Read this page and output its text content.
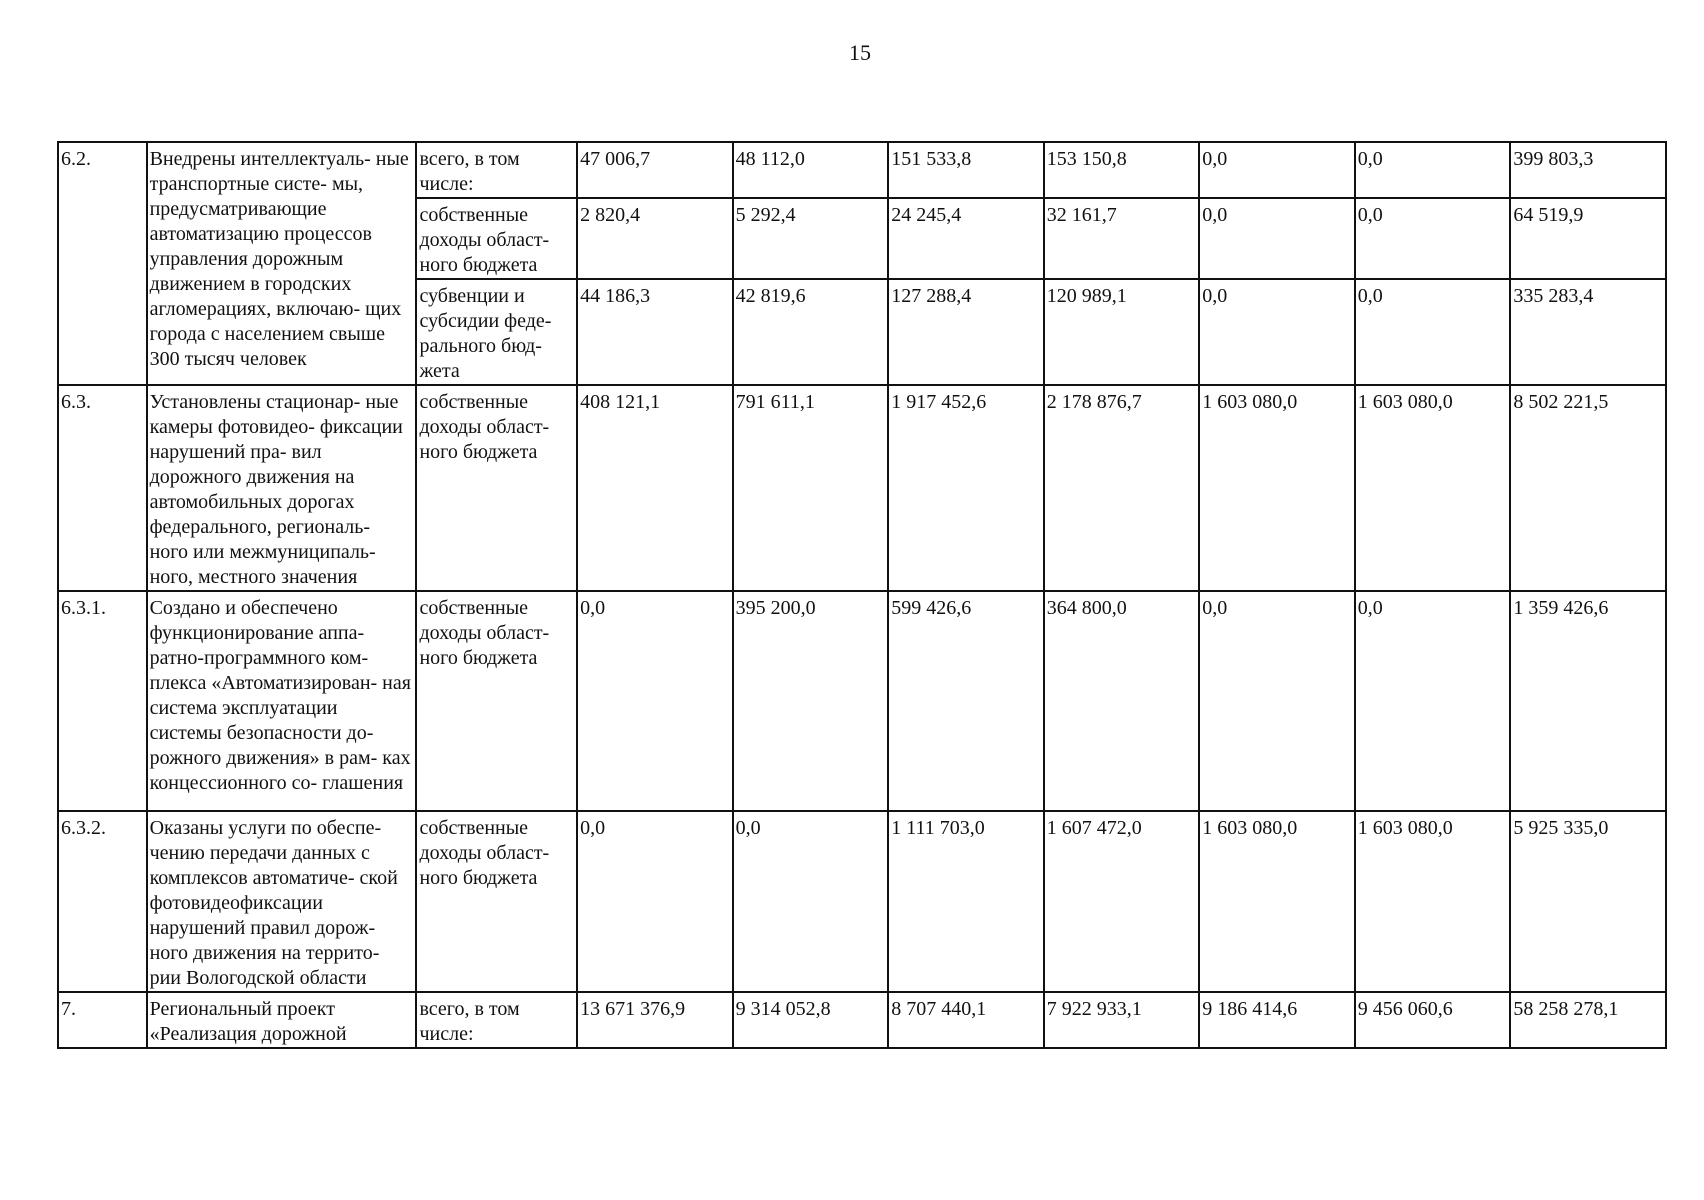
15
6.2.	Внедрены интеллектуаль- ные транспортные систе- мы, предусматривающие автоматизацию процессов управления дорожным движением в городских агломерациях, включаю- щих города с населением свыше 300 тысяч человек	всего, в том числе:	47 006,7	48 112,0	151 533,8	153 150,8	0,0	0,0	399 803,3
		собственные доходы област- ного бюджета	2 820,4	5 292,4	24 245,4	32 161,7	0,0	0,0	64 519,9
		субвенции и субсидии феде- рального бюд- жета	44 186,3	42 819,6	127 288,4	120 989,1	0,0	0,0	335 283,4
6.3.	Установлены стационар- ные камеры фотовидео- фиксации нарушений пра- вил дорожного движения на автомобильных дорогах федерального, региональ- ного или межмуниципаль- ного, местного значения	собственные доходы област- ного бюджета	408 121,1	791 611,1	1 917 452,6	2 178 876,7	1 603 080,0	1 603 080,0	8 502 221,5
6.3.1.	Создано и обеспечено функционирование аппа- ратно-программного ком- плекса «Автоматизирован- ная система эксплуатации системы безопасности до- рожного движения» в рам- ках концессионного со- глашения	собственные доходы област- ного бюджета	0,0	395 200,0	599 426,6	364 800,0	0,0	0,0	1 359 426,6
6.3.2.	Оказаны услуги по обеспе- чению передачи данных с комплексов автоматиче- ской фотовидеофиксации нарушений правил дорож- ного движения на террито- рии Вологодской области	собственные доходы област- ного бюджета	0,0	0,0	1 111 703,0	1 607 472,0	1 603 080,0	1 603 080,0	5 925 335,0
7.	Региональный проект «Реализация дорожной	всего, в том числе:	13 671 376,9	9 314 052,8	8 707 440,1	7 922 933,1	9 186 414,6	9 456 060,6	58 258 278,1
